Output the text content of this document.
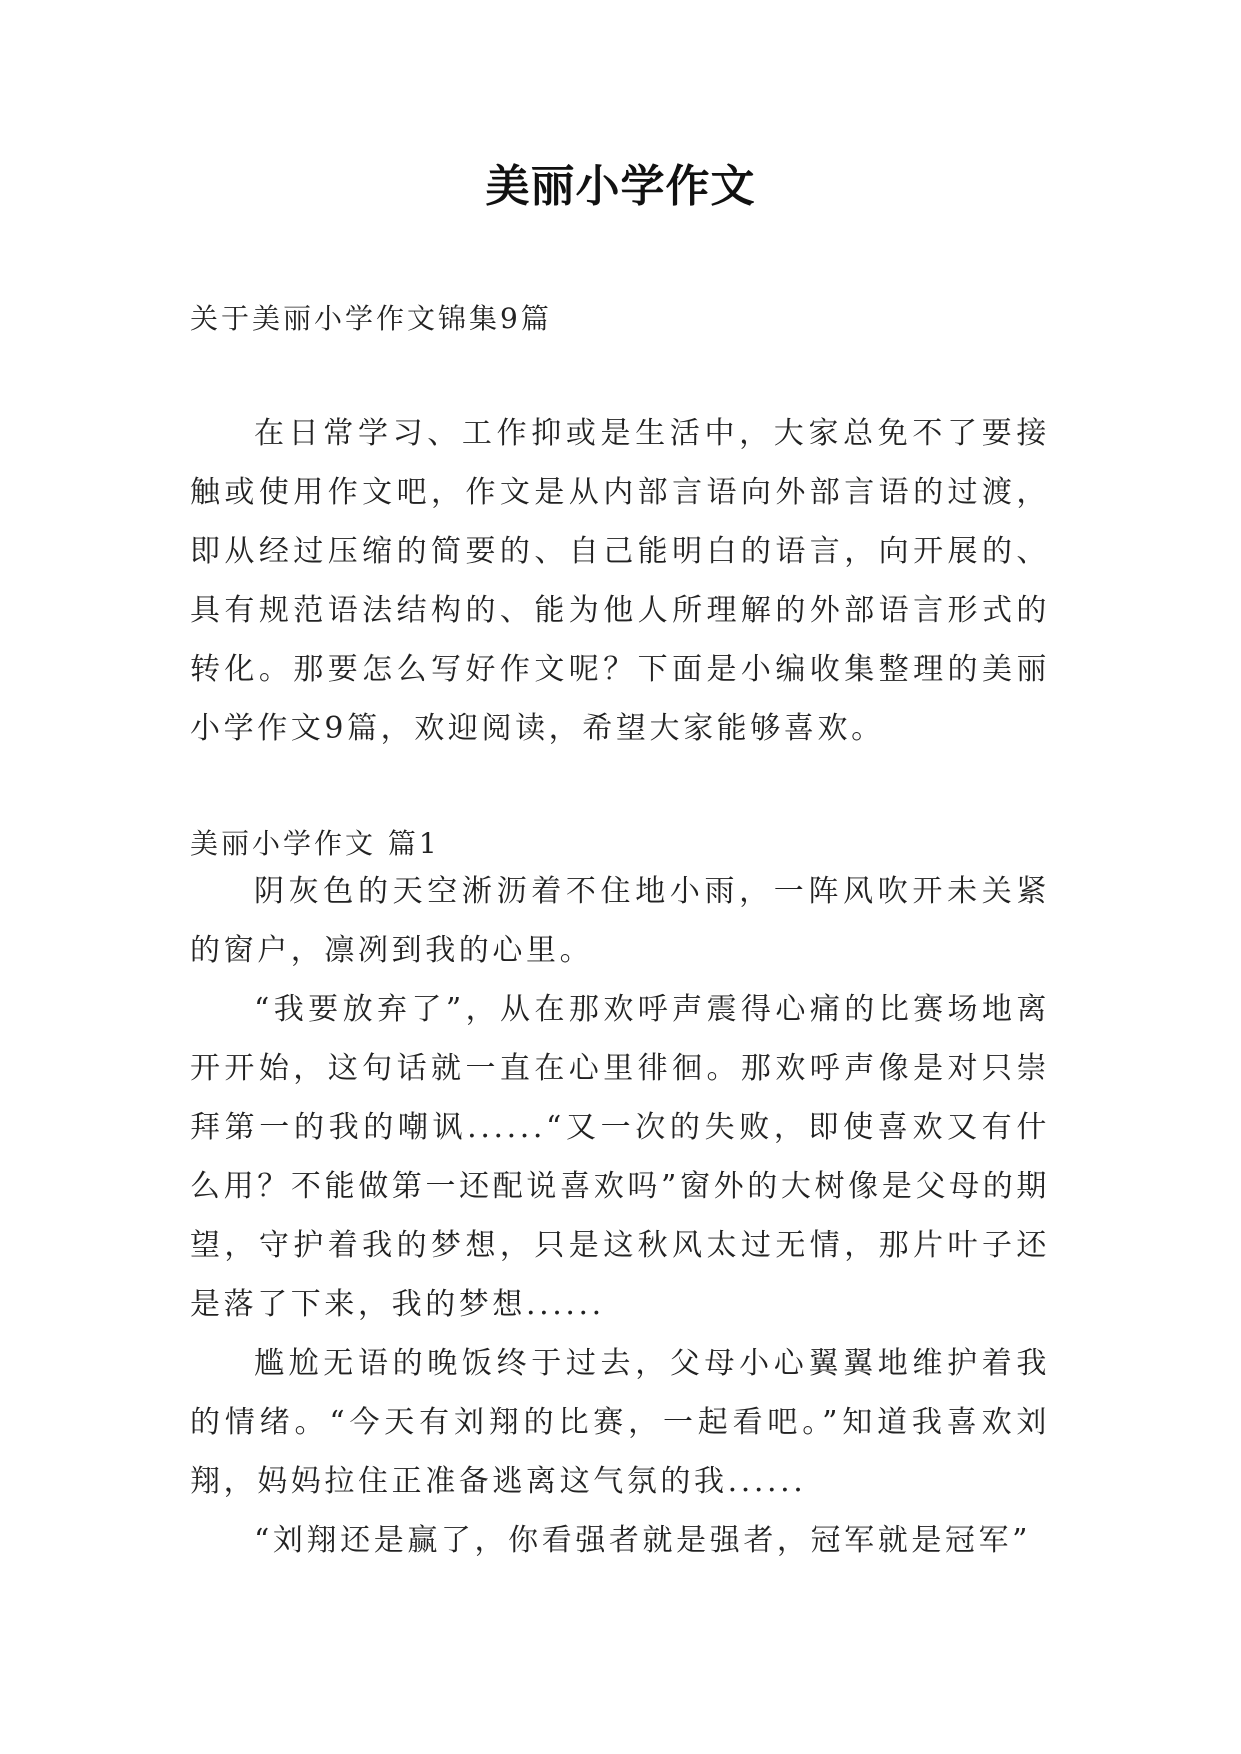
美丽小学作文
关于美丽小学作文锦集9篇

在日常学习、工作抑或是生活中，大家总免不了要接触或使用作文吧，作文是从内部言语向外部言语的过渡，即从经过压缩的简要的、自己能明白的语言，向开展的、具有规范语法结构的、能为他人所理解的外部语言形式的转化。那要怎么写好作文呢？下面是小编收集整理的美丽小学作文9篇，欢迎阅读，希望大家能够喜欢。

美丽小学作文 篇1

阴灰色的天空淅沥着不住地小雨，一阵风吹开未关紧的窗户，凛冽到我的心里。

“我要放弃了”，从在那欢呼声震得心痛的比赛场地离开开始，这句话就一直在心里徘徊。那欢呼声像是对只崇拜第一的我的嘲讽......“又一次的失败，即使喜欢又有什么用？不能做第一还配说喜欢吗”窗外的大树像是父母的期望，守护着我的梦想，只是这秋风太过无情，那片叶子还是落了下来，我的梦想......

尴尬无语的晚饭终于过去，父母小心翼翼地维护着我的情绪。“今天有刘翔的比赛，一起看吧。”知道我喜欢刘翔，妈妈拉住正准备逃离这气氛的我......

“刘翔还是赢了，你看强者就是强者，冠军就是冠军”
